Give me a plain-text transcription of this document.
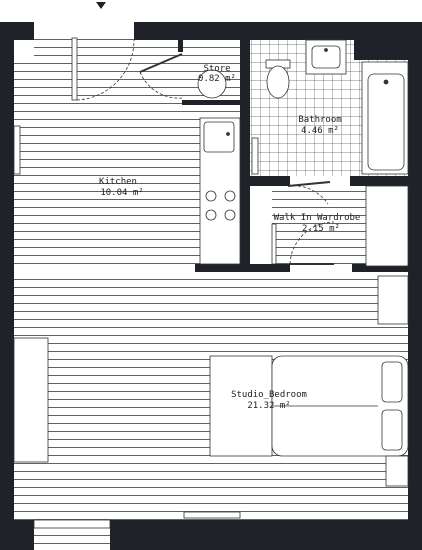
Store
0.82 m²
Bathroom
4.46 m²
Kitchen
10.04 m²
Walk In Wardrobe
2.15 m²
Studio_Bedroom
21.32 m²
